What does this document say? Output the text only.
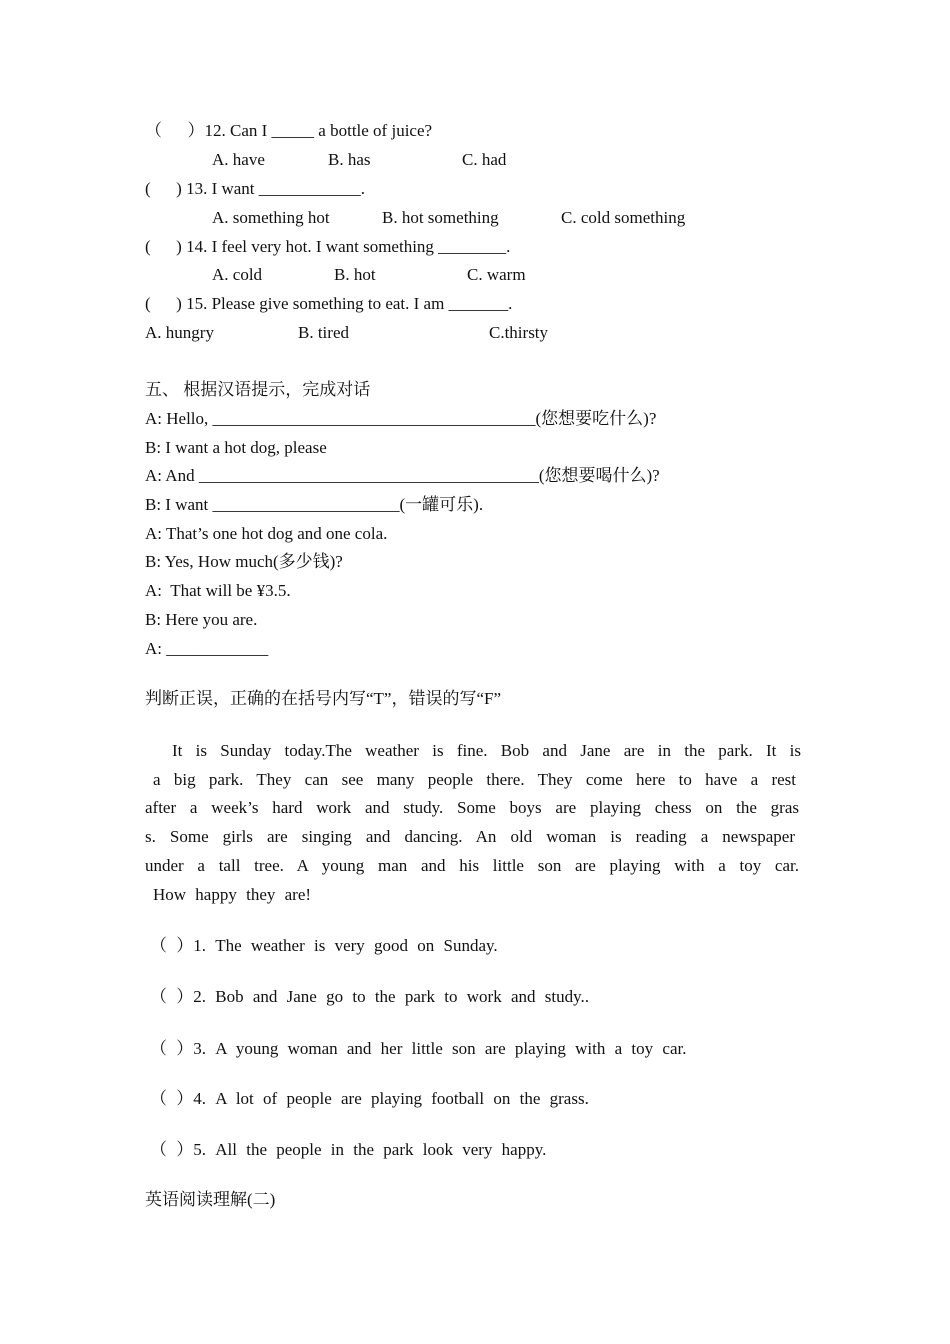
（      ）12. Can I _____ a bottle of juice?
A. have	B. has	C. had
(      ) 13. I want ____________.
A. something hot	B. hot something	C. cold something
(      ) 14. I feel very hot. I want something ________.
A. cold	B. hot	C. warm
(      ) 15. Please give something to eat. I am _______.
A. hungry	B. tired	C.thirsty
五、 根据汉语提示，完成对话
A: Hello, ______________________________________(您想要吃什么)?
B: I want a hot dog, please
A: And ________________________________________(您想要喝什么)?
B: I want ______________________(一罐可乐).
A: That’s one hot dog and one cola.
B: Yes, How much(多少钱)?
A:  That will be ¥3.5.
B: Here you are.
A: ____________
判断正误，正确的在括号内写“T”，错误的写“F”
It is Sunday today.The weather is fine. Bob and Jane are in the park. It is
a big park. They can see many people there. They come here to have a rest
after a week’s hard work and study. Some boys are playing chess on the gras
s. Some girls are singing and dancing. An old woman is reading a newspaper
under a tall tree. A young man and his little son are playing with a toy car.
How happy they are!
（ ）1. The weather is very good on Sunday.
（ ）2. Bob and Jane go to the park to work and study..
（ ）3. A young woman and her little son are playing with a toy car.
（ ）4. A lot of people are playing football on the grass.
（ ）5. All the people in the park look very happy.
英语阅读理解(二)
